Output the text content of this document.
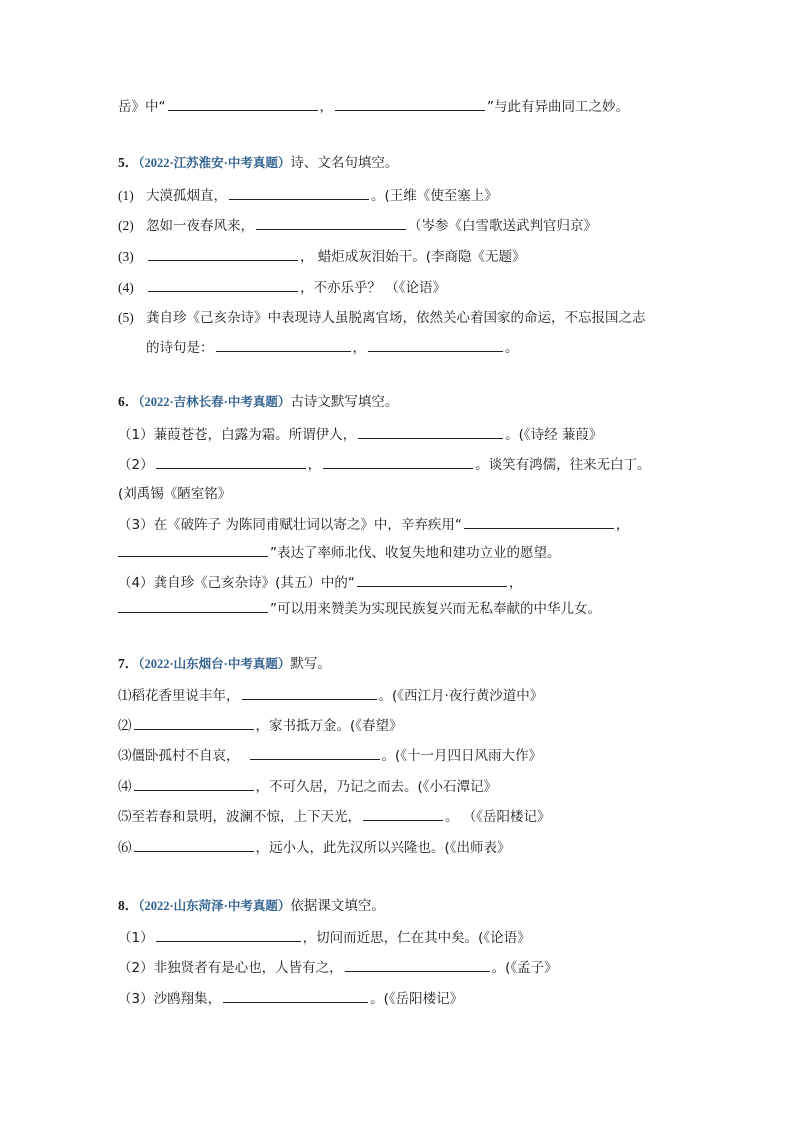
岳》中“	，	”与此有异曲同工之妙。
5．（2022·江苏淮安·中考真题）诗、文名句填空。
(1) 大漠孤烟直，	。(王维《使至塞上》
(2) 忽如一夜春风来，	（岑参《白雪歌送武判官归京》
(3)	， 蜡炬成灰泪始干。(李商隐《无题》
(4)	，不亦乐乎？ （《论语》
(5) 龚自珍《己亥杂诗》中表现诗人虽脱离官场，依然关心着国家的命运，不忘报国之志
的诗句是：	，	。
6．（2022·吉林长春·中考真题）古诗文默写填空。
（1）蒹葭苍苍，白露为霜。所谓伊人，	。(《诗经 蒹葭》
（2）	，	。谈笑有鸿儒，往来无白丁。
(刘禹锡《陋室铭》
（3）在《破阵子 为陈同甫赋壮词以寄之》中，辛弃疾用“	，
”表达了率师北伐、收复失地和建功立业的愿望。
（4）龚自珍《己亥杂诗》(其五）中的“	，
”可以用来赞美为实现民族复兴而无私奉献的中华儿女。
7．（2022·山东烟台·中考真题）默写。
⑴稻花香里说丰年，	。(《西江月·夜行黄沙道中》
⑵	，家书抵万金。(《春望》
⑶僵卧孤村不自哀，	。(《十一月四日风雨大作》
⑷	，不可久居，乃记之而去。(《小石潭记》
⑸至若春和景明，波澜不惊，上下天光，	。 （《岳阳楼记》
⑹	，远小人，此先汉所以兴隆也。(《出师表》
8．（2022·山东菏泽·中考真题）依据课文填空。
（1）	，切问而近思，仁在其中矣。(《论语》
（2）非独贤者有是心也，人皆有之，	。(《孟子》
（3）沙鸥翔集，	。(《岳阳楼记》
